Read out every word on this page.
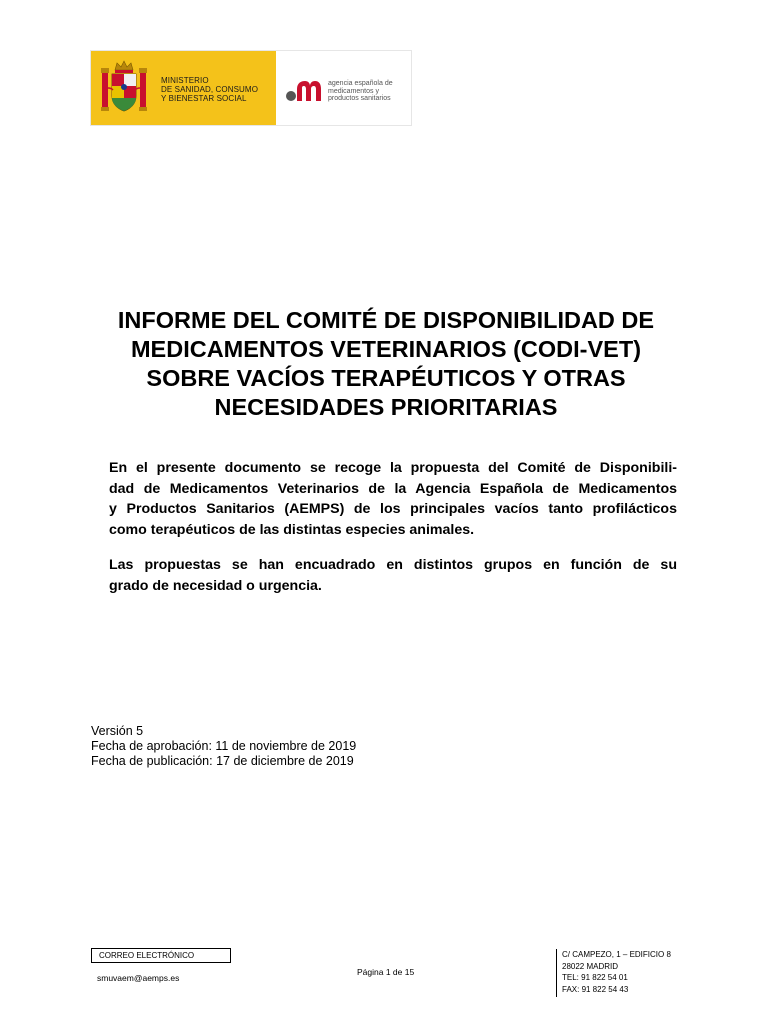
MINISTERIO
DE SANIDAD, CONSUMO
Y BIENESTAR SOCIAL
agencia española de
medicamentos y
productos sanitarios
INFORME DEL COMITÉ DE DISPONIBILIDAD DE
MEDICAMENTOS VETERINARIOS (CODI-VET)
SOBRE VACÍOS TERAPÉUTICOS Y OTRAS
NECESIDADES PRIORITARIAS
En el presente documento se recoge la propuesta del Comité de Disponibili-
dad de Medicamentos Veterinarios de la Agencia Española de Medicamentos
y Productos Sanitarios (AEMPS) de los principales vacíos tanto profilácticos
como terapéuticos de las distintas especies animales.
Las propuestas se han encuadrado en distintos grupos en función de su
grado de necesidad o urgencia.
Versión 5
Fecha de aprobación: 11 de noviembre de 2019
Fecha de publicación: 17 de diciembre de 2019
CORREO ELECTRÓNICO
smuvaem@aemps.es
Página 1 de 15
C/ CAMPEZO, 1 – EDIFICIO 8
28022 MADRID
TEL: 91 822 54 01
FAX: 91 822 54 43
